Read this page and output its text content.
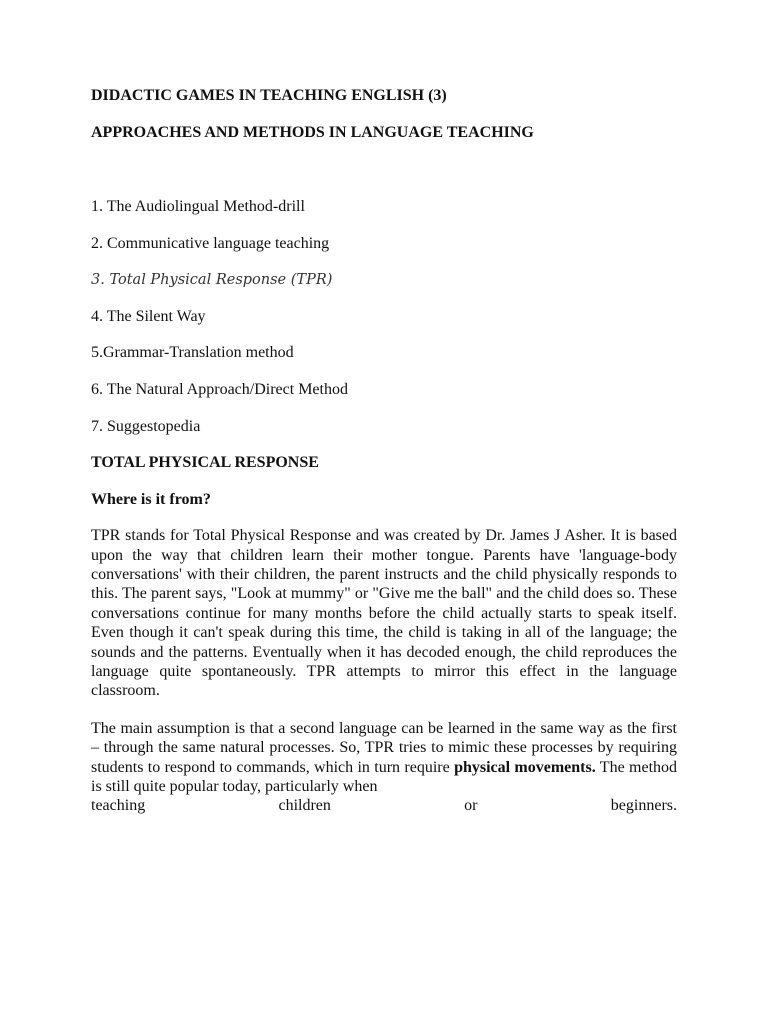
DIDACTIC GAMES IN TEACHING ENGLISH (3)

APPROACHES AND METHODS IN LANGUAGE TEACHING

1. The Audiolingual Method-drill
2. Communicative language teaching
3. Total Physical Response (TPR)
4. The Silent Way
5.Grammar-Translation method
6. The Natural Approach/Direct Method
7. Suggestopedia

TOTAL PHYSICAL RESPONSE

Where is it from?

TPR stands for Total Physical Response and was created by Dr. James J Asher. It is based upon the way that children learn their mother tongue. Parents have 'language-body conversations' with their children, the parent instructs and the child physically responds to this. The parent says, "Look at mummy" or "Give me the ball" and the child does so. These conversations continue for many months before the child actually starts to speak itself. Even though it can't speak during this time, the child is taking in all of the language; the sounds and the patterns. Eventually when it has decoded enough, the child reproduces the language quite spontaneously. TPR attempts to mirror this effect in the language classroom.

The main assumption is that a second language can be learned in the same way as the first – through the same natural processes. So, TPR tries to mimic these processes by requiring students to respond to commands, which in turn require physical movements. The method is still quite popular today, particularly when
teaching children or beginners.
